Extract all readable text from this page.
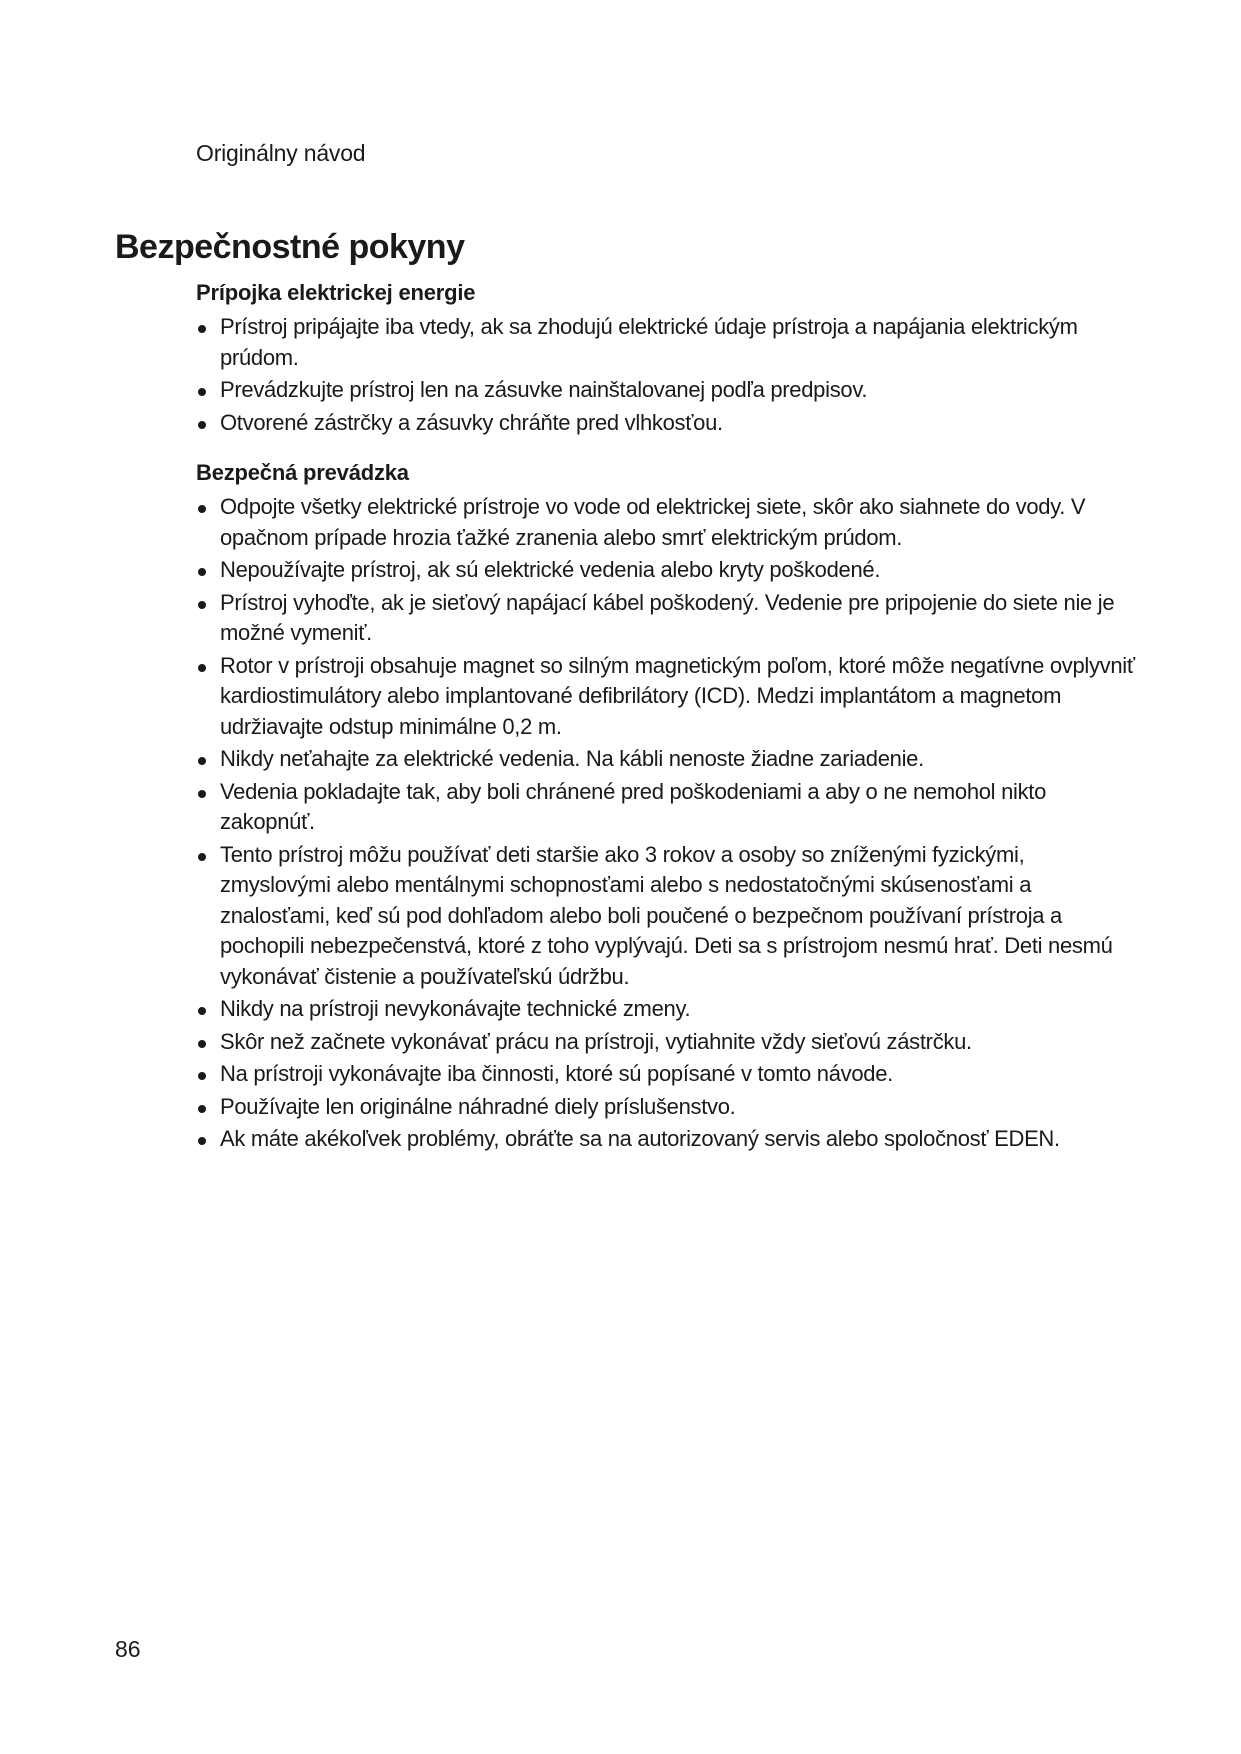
Originálny návod
Bezpečnostné pokyny
Prípojka elektrickej energie
Prístroj pripájajte iba vtedy, ak sa zhodujú elektrické údaje prístroja a napájania elektrickým prúdom.
Prevádzkujte prístroj len na zásuvke nainštalovanej podľa predpisov.
Otvorené zástrčky a zásuvky chráňte pred vlhkosťou.
Bezpečná prevádzka
Odpojte všetky elektrické prístroje vo vode od elektrickej siete, skôr ako siahnete do vody. V opačnom prípade hrozia ťažké zranenia alebo smrť elektrickým prúdom.
Nepoužívajte prístroj, ak sú elektrické vedenia alebo kryty poškodené.
Prístroj vyhoďte, ak je sieťový napájací kábel poškodený. Vedenie pre pripojenie do siete nie je možné vymeniť.
Rotor v prístroji obsahuje magnet so silným magnetickým poľom, ktoré môže negatívne ovplyvniť kardiostimulátory alebo implantované defibrilátory (ICD). Medzi implantátom a magnetom udržiavajte odstup minimálne 0,2 m.
Nikdy neťahajte za elektrické vedenia. Na kábli nenoste žiadne zariadenie.
Vedenia pokladajte tak, aby boli chránené pred poškodeniami a aby o ne nemohol nikto zakopnúť.
Tento prístroj môžu používať deti staršie ako 3 rokov a osoby so zníženými fyzickými, zmyslovými alebo mentálnymi schopnosťami alebo s nedostatočnými skúsenosťami a znalosťami, keď sú pod dohľadom alebo boli poučené o bezpečnom používaní prístroja a pochopili nebezpečenstvá, ktoré z toho vyplývajú. Deti sa s prístrojom nesmú hrať. Deti nesmú vykonávať čistenie a používateľskú údržbu.
Nikdy na prístroji nevykonávajte technické zmeny.
Skôr než začnete vykonávať prácu na prístroji, vytiahnite vždy sieťovú zástrčku.
Na prístroji vykonávajte iba činnosti, ktoré sú popísané v tomto návode.
Používajte len originálne náhradné diely príslušenstvo.
Ak máte akékoľvek problémy, obráťte sa na autorizovaný servis alebo spoločnosť EDEN.
86
